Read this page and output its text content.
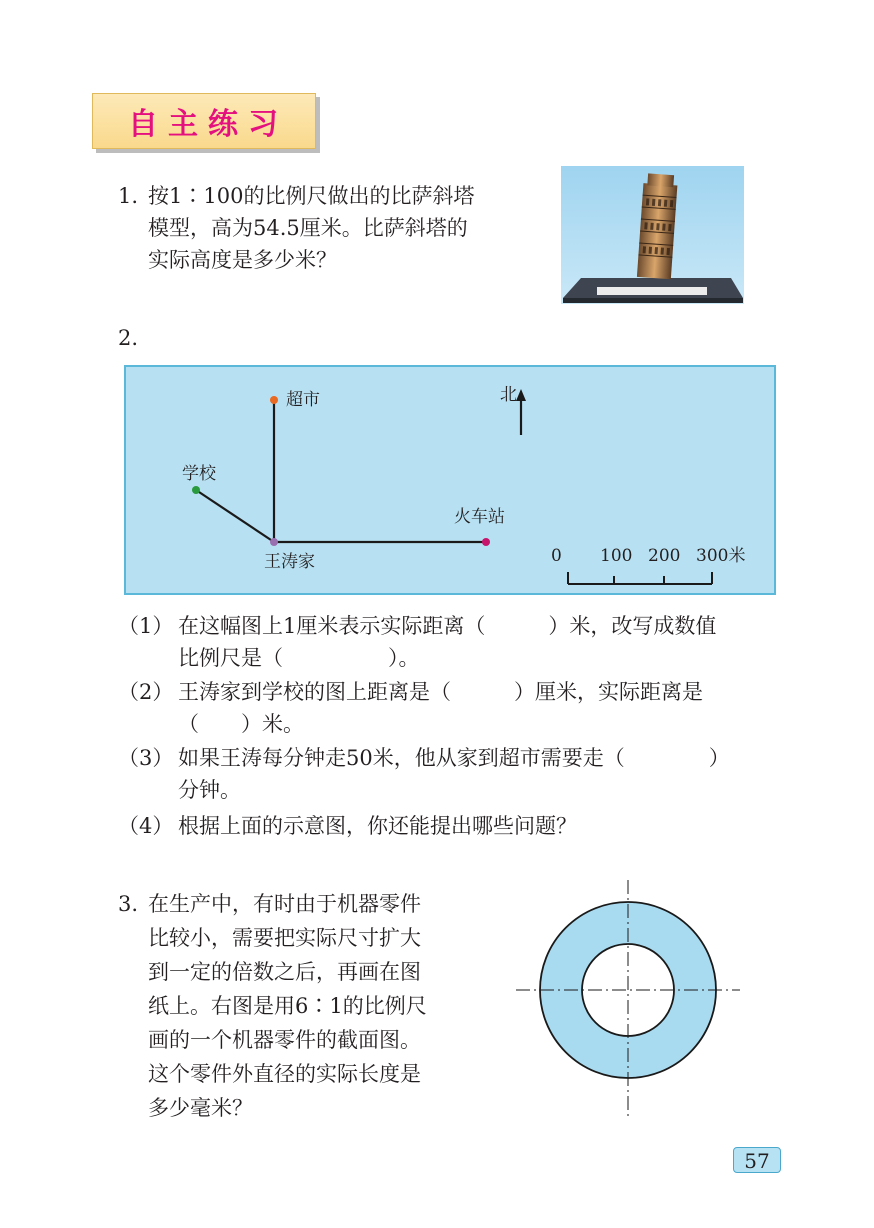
自主练习
1. 按1∶100的比例尺做出的比萨斜塔

模型，高为54.5厘米。比萨斜塔的

实际高度是多少米？

2.
超市
学校
王涛家
火车站
北
0 100 200 300米
（1） 在这幅图上1厘米表示实际距离（　　　）米，改写成数值
比例尺是（　　　　　）。
（2） 王涛家到学校的图上距离是（　　　）厘米，实际距离是
（　　）米。
（3） 如果王涛每分钟走50米，他从家到超市需要走（　　　　）
分钟。
（4） 根据上面的示意图，你还能提出哪些问题？
3. 在生产中，有时由于机器零件

比较小，需要把实际尺寸扩大

到一定的倍数之后，再画在图

纸上。右图是用6∶1的比例尺

画的一个机器零件的截面图。

这个零件外直径的实际长度是

多少毫米？

57
